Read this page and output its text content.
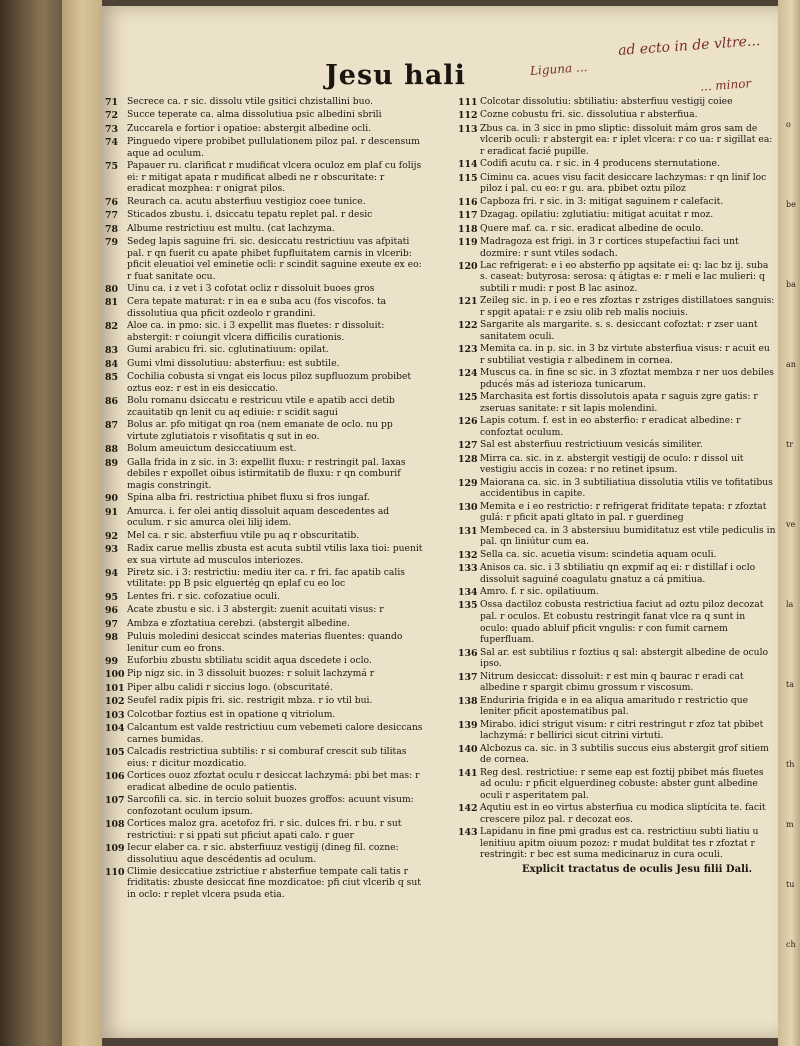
o
be
ba
an
tr
ve
la
ta
th
m
tu
ch
ad ecto in de vltre...
Liguna ...
... minor
Jesu hali
71 Secrece ca. r sic. dissolu vtile gsitici chzistallini buo.
72 Succe teperate ca. alma dissolutiua psic albedini sbrili
73 Zuccarela e fortior i opatioe: abstergit albedine ocli.
74 Pinguedo vipere probibet pullulationem piloz pal. r descensum aque ad oculum.
75 Papauer ru. clarificat r mudificat vlcera oculoz em plaf cu folijs ei: r mitigat apata r mudificat albedi ne r obscuritate: r eradicat mozphea: r onigrat pilos.
76 Reurach ca. acutu absterfiuu vestigioz coee tunice.
77 Sticados zbustu. i. dsiccatu tepatu replet pal. r desic
78 Albume restrictiuu est multu. (cat lachzyma.
79 Sedeg lapis saguine fri. sic. desiccatu restrictiuu vas afpitati pal. r qn fuerit cu apate phibet fupfluitatem carnis in vlcerib: pficit eleuatioi vel eminetie ocli: r scindit saguine exeute ex eo: r fuat sanitate ocu.
80 Uinu ca. i z vet i 3 cofotat ocliz r dissoluit buoes gros
81 Cera tepate maturat: r in ea e suba acu (fos viscofos. ta dissolutiua qua pficit ozdeolo r grandini.
82 Aloe ca. in pmo: sic. i 3 expellit mas fluetes: r dissoluit: abstergit: r coiungit vlcera difficilis curationis.
83 Gumi arabicu fri. sic. cglutinatiuum: opilat.
84 Gumi vlmi dissolutiuu: absterfiuu: est subtile.
85 Cochilia cobusta si vngat eis locus piloz supfluozum probibet oztus eoz: r est in eis desiccatio.
86 Bolu romanu dsiccatu e restricuu vtile e apatib acci detib zcauitatib qn lenit cu aq ediuie: r scidit sagui
87 Bolus ar. pfo mitigat qn roa (nem emanate de oclo. nu pp virtute zglutiatois r visofitatis q sut in eo.
88 Bolum ameuictum desiccatiuum est.
89 Galla frida in z sic. in 3: expellit fluxu: r restringit pal. laxas debiles r expollet oibus istirmitatib de fluxu: r qn comburif magis constringit.
90 Spina alba fri. restrictiua phibet fluxu si fros iungaf.
91 Amurca. i. fer olei antiq dissoluit aquam descedentes ad oculum. r sic amurca olei lilij idem.
92 Mel ca. r sic. absterfiuu vtile pu aq r obscuritatib.
93 Radix carue mellis zbusta est acuta subtil vtilis laxa tioi: puenit ex sua virtute ad musculos interiozes.
94 Piretz sic. i 3: restrictiu: mediu iter ca. r fri. fac apatib calis vtilitate: pp B psic elguertég qn eplaf cu eo loc
95 Lentes fri. r sic. cofozatiue oculi.
96 Acate zbustu e sic. i 3 abstergit: zuenit acuitati visus: r
97 Ambza e zfoztatiua cerebzi. (abstergit albedine.
98 Puluis moledini desiccat scindes materias fluentes: quando lenitur cum eo frons.
99 Euforbiu zbustu sbtiliatu scidit aqua dscedete i oclo.
100 Pip nigz sic. in 3 dissoluit buozes: r soluit lachzymá r
101 Piper albu calidi r siccius logo. (obscuritaté.
102 Seufel radix pipis fri. sic. restrigit mbza. r io vtil bui.
103 Colcotbar foztius est in opatione q vitriolum.
104 Calcantum est valde restrictiuu cum vebemeti calore desiccans carnes bumidas.
105 Calcadis restrictiua subtilis: r si comburaf crescit sub tilitas eius: r dicitur mozdicatio.
106 Cortices ouoz zfoztat oculu r desiccat lachzymá: pbi bet mas: r eradicat albedine de oculo patientis.
107 Sarcofili ca. sic. in tercio soluit buozes groffos: acuunt visum: confozotant oculum ipsum.
108 Cortices maloz gra. acetofoz fri. r sic. dulces fri. r bu. r sut restrictiui: r si ppati sut pficiut apati calo. r guer
109 Iecur elaber ca. r sic. absterfiuuz vestigij (dineg fil. cozne: dissolutiuu aque descédentis ad oculum.
110 Climie desiccatiue zstrictiue r absterfiue tempate cali tatis r friditatis: zbuste desiccat fine mozdicatoe: pfi ciut vlcerib q sut in oclo: r replet vlcera psuda etia.
111 Colcotar dissolutiu: sbtiliatiu: absterfiuu vestigij coiee
112 Cozne cobustu fri. sic. dissolutiua r absterfiua.
113 Zbus ca. in 3 sicc in pmo sliptic: dissoluit mám gros sam de vlcerib oculi: r abstergit ea: r iplet vlcera: r co ua: r sigillat ea: r eradicat facié pupille.
114 Codifi acutu ca. r sic. in 4 producens sternutatione.
115 Ciminu ca. acues visu facit desiccare lachzymas: r qn linif loc piloz i pal. cu eo: r gu. ara. pbibet oztu piloz
116 Capboza fri. r sic. in 3: mitigat saguinem r calefacit.
117 Dzagag. opilatiu: zglutiatiu: mitigat acuitat r moz.
118 Quere maf. ca. r sic. eradicat albedine de oculo.
119 Madragoza est frigi. in 3 r cortices stupefactiui faci unt dozmire: r sunt vtiles sodach.
120 Lac refrigerat: e i eo absterfio pp aqsitate ei: q: lac bz ij. suba s. caseat: butyrosa: serosa: q átigtas e: r meli e lac mulieri: q subtili r mudi: r post B lac asinoz.
121 Zeileg sic. in p. i eo e res zfoztas r zstriges distillatoes sanguis: r spgit apatai: r e zsiu olib reb malis nociuis.
122 Sargarite als margarite. s. s. desiccant cofoztat: r zser uant sanitatem oculi.
123 Memita ca. in p. sic. in 3 bz virtute absterfiua visus: r acuit eu r subtiliat vestigia r albedinem in cornea.
124 Muscus ca. in fine sc sic. in 3 zfoztat membza r ner uos debiles pducés más ad isterioza tunicarum.
125 Marchasita est fortis dissolutois apata r saguis zgre gatis: r zseruas sanitate: r sit lapis molendini.
126 Lapis cotum. f. est in eo absterfio: r eradicat albedine: r confoztat oculum.
127 Sal est absterfiuu restrictiuum vesicás similiter.
128 Mirra ca. sic. in z. abstergit vestigij de oculo: r dissol uit vestigiu accis in cozea: r no retinet ipsum.
129 Maiorana ca. sic. in 3 subtiliatiua dissolutia vtilis ve tofitatibus accidentibus in capite.
130 Memita e i eo restrictio: r refrigerat friditate tepata: r zfoztat gulá: r pficit apati gltato in pal. r guerdineg
131 Membeced ca. in 3 abstersiuu bumiditatuz est vtile pediculis in pal. qn liniútur cum ea.
132 Sella ca. sic. acuetia visum: scindetia aquam oculi.
133 Anisos ca. sic. i 3 sbtiliatiu qn expmif aq ei: r distillaf i oclo dissoluit saguiné coagulatu gnatuz a cá pmitiua.
134 Amro. f. r sic. opilatiuum.
135 Ossa dactiloz cobusta restrictiua faciut ad oztu piloz decozat pal. r oculos. Et cobustu restringit fanat vlce ra q sunt in oculo: quado abluif pficit vngulis: r con fumit carnem fuperfluam.
136 Sal ar. est subtilius r foztius q sal: abstergit albedine de oculo ipso.
137 Nitrum desiccat: dissoluit: r est min q baurac r eradi cat albedine r spargit cbimu grossum r viscosum.
138 Enduriria frigida e in ea aliqua amaritudo r restrictio que leniter pficit apostematibus pal.
139 Mirabo. idici strigut visum: r citri restringut r zfoz tat pbibet lachzymá: r bellirici sicut citrini virtuti.
140 Alcbozus ca. sic. in 3 subtilis succus eius abstergit grof sitiem de cornea.
141 Reg desl. restrictiue: r seme eap est foztij pbibet más fluetes ad oculu: r pficit elguerdineg cobuste: abster gunt albedine oculi r asperitatem pal.
142 Aqutiu est in eo virtus absterfiua cu modica sliptícita te. facit crescere piloz pal. r decozat eos.
143 Lapidanu in fine pmi gradus est ca. restrictiuu subti liatiu u lenitiuu apitm oiuum pozoz: r mudat bulditat tes r zfoztat r restringit: r bec est suma medicinaruz in cura oculi.
Explicit tractatus de oculis Jesu filii Dali.
